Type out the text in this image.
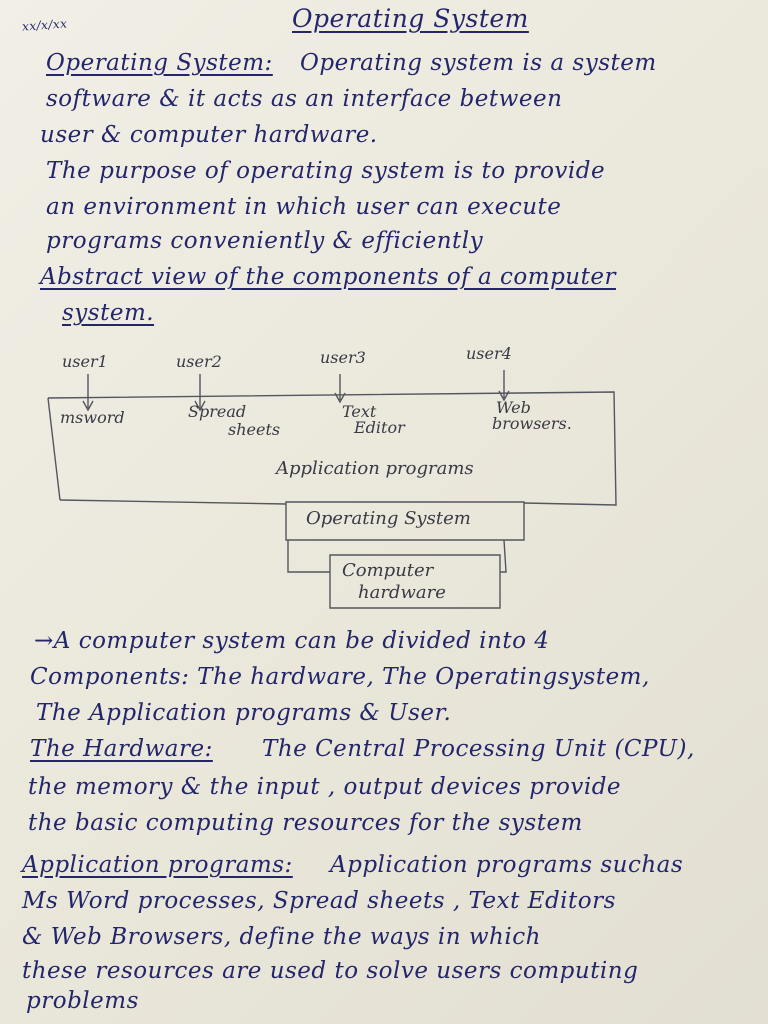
xx/x/xx	Operating System
Operating System: Operating system is a system
software & it acts as an interface between
user & computer hardware.
The purpose of operating system is to provide
an environment in which user can execute
programs conveniently & efficiently
Abstract view of the components of a computer
system.
user1	user2	user3	user4
msword	Spread
sheets
Text
Editor
Web
browsers.
Application programs
Operating System
Computer
hardware
→A computer system can be divided into 4
Components: The hardware, The Operatingsystem,
The Application programs & User.
The Hardware: The Central Processing Unit (CPU),
the memory & the input , output devices provide
the basic computing resources for the system
Application programs: Application programs suchas
Ms Word processes, Spread sheets , Text Editors
& Web Browsers, define the ways in which
these resources are used to solve users computing
problems
